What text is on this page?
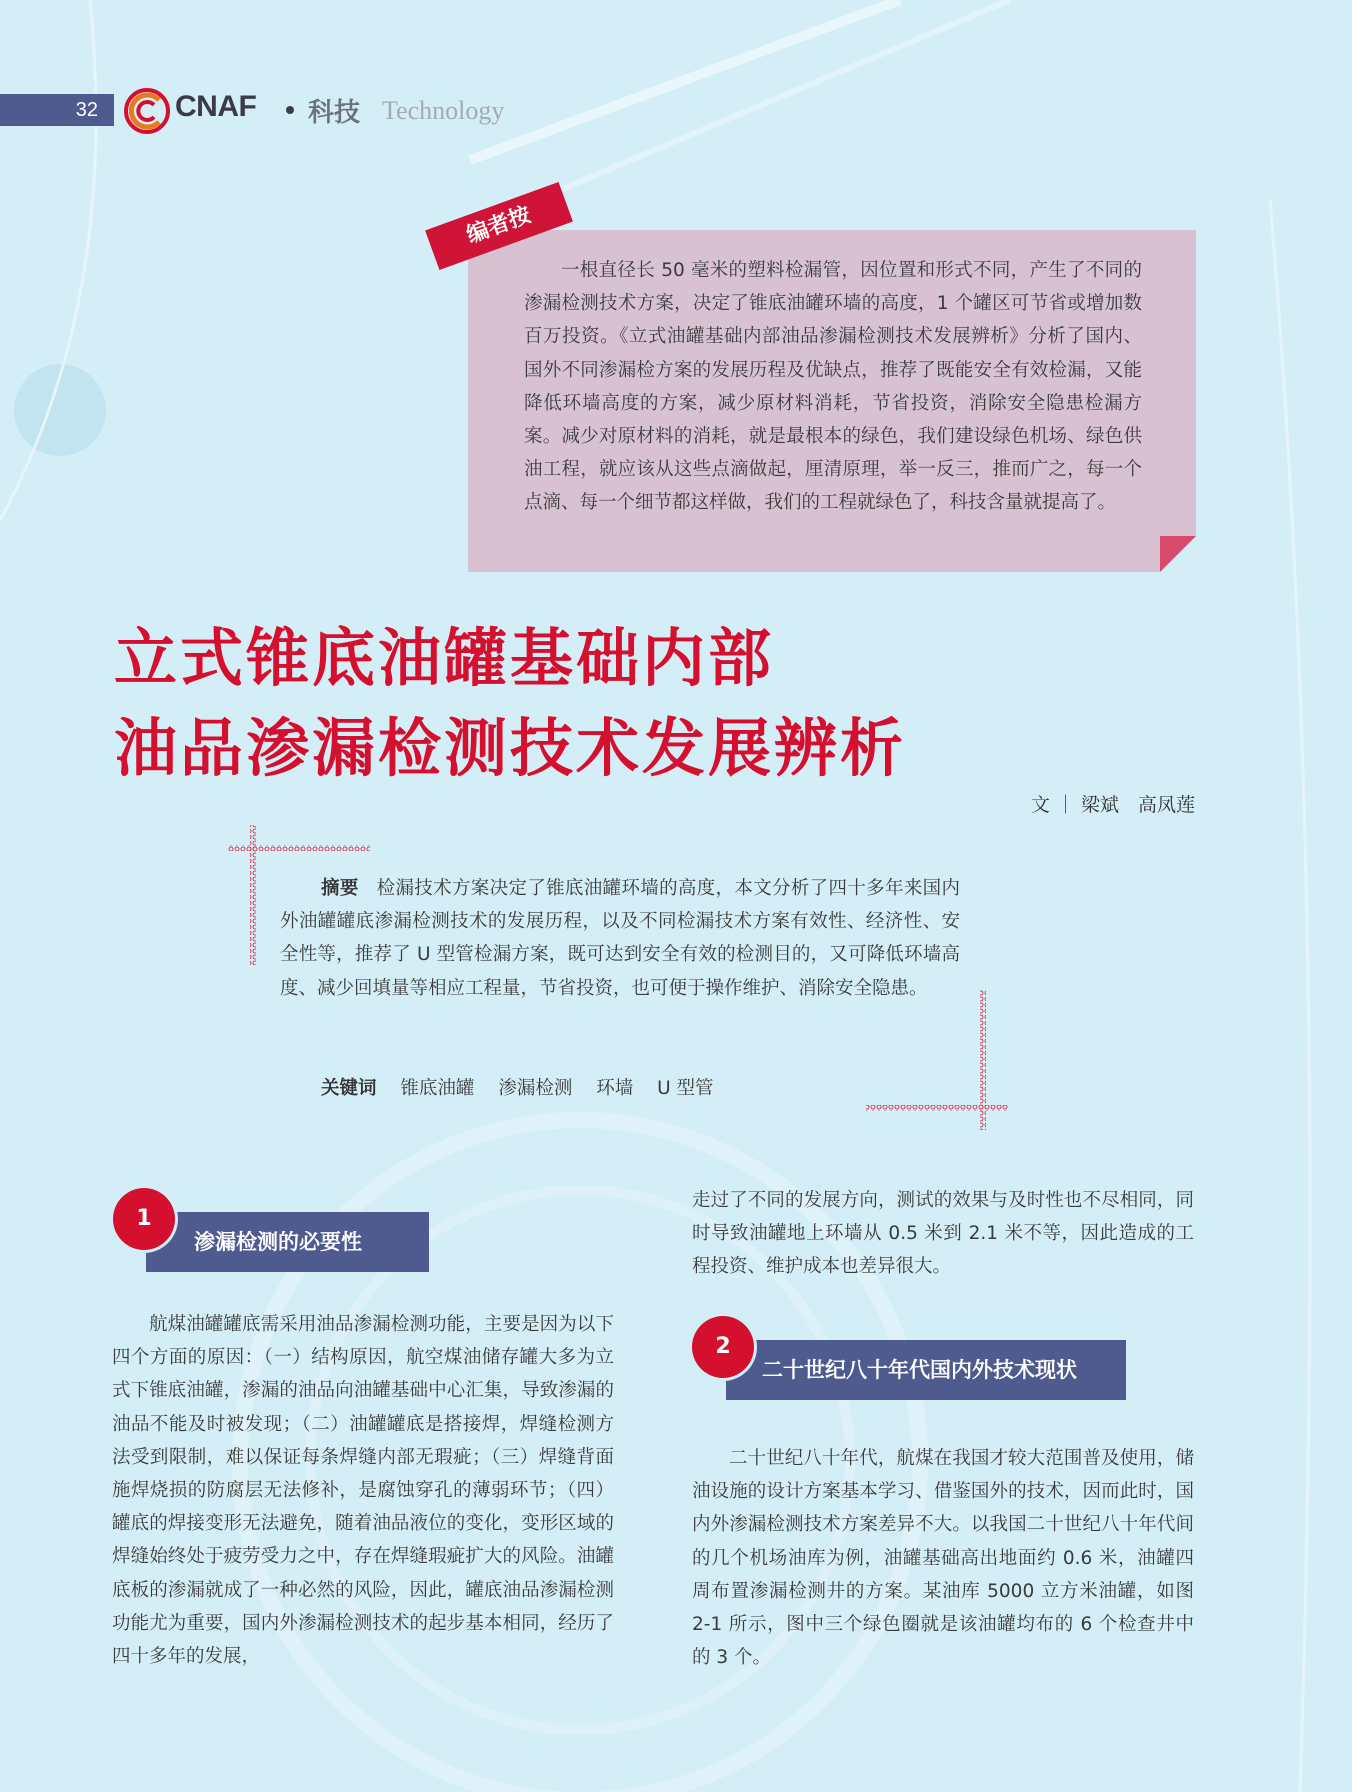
32	CNAF 科技 Technology
编者按
一根直径长 50 毫米的塑料检漏管，因位置和形式不同，产生了不同的渗漏检测技术方案，决定了锥底油罐环墙的高度，1 个罐区可节省或增加数百万投资。《立式油罐基础内部油品渗漏检测技术发展辨析》分析了国内、国外不同渗漏检方案的发展历程及优缺点，推荐了既能安全有效检漏，又能降低环墙高度的方案，减少原材料消耗，节省投资，消除安全隐患检漏方案。减少对原材料的消耗，就是最根本的绿色，我们建设绿色机场、绿色供油工程，就应该从这些点滴做起，厘清原理，举一反三，推而广之，每一个点滴、每一个细节都这样做，我们的工程就绿色了，科技含量就提高了。
立式锥底油罐基础内部
油品渗漏检测技术发展辨析
文 ｜ 梁斌　高凤莲
摘要 检漏技术方案决定了锥底油罐环墙的高度，本文分析了四十多年来国内外油罐罐底渗漏检测技术的发展历程，以及不同检漏技术方案有效性、经济性、安全性等，推荐了 U 型管检漏方案，既可达到安全有效的检测目的，又可降低环墙高度、减少回填量等相应工程量，节省投资，也可便于操作维护、消除安全隐患。
关键词 锥底油罐 渗漏检测 环墙 U 型管
渗漏检测的必要性
1

航煤油罐罐底需采用油品渗漏检测功能，主要是因为以下四个方面的原因：（一）结构原因，航空煤油储存罐大多为立式下锥底油罐，渗漏的油品向油罐基础中心汇集，导致渗漏的油品不能及时被发现；（二）油罐罐底是搭接焊，焊缝检测方法受到限制，难以保证每条焊缝内部无瑕疵；（三）焊缝背面施焊烧损的防腐层无法修补，是腐蚀穿孔的薄弱环节；（四）罐底的焊接变形无法避免，随着油品液位的变化，变形区域的焊缝始终处于疲劳受力之中，存在焊缝瑕疵扩大的风险。油罐底板的渗漏就成了一种必然的风险，因此，罐底油品渗漏检测功能尤为重要，国内外渗漏检测技术的起步基本相同，经历了四十多年的发展，

走过了不同的发展方向，测试的效果与及时性也不尽相同，同时导致油罐地上环墙从 0.5 米到 2.1 米不等，因此造成的工程投资、维护成本也差异很大。

二十世纪八十年代国内外技术现状
2

二十世纪八十年代，航煤在我国才较大范围普及使用，储油设施的设计方案基本学习、借鉴国外的技术，因而此时，国内外渗漏检测技术方案差异不大。以我国二十世纪八十年代间的几个机场油库为例，油罐基础高出地面约 0.6 米，油罐四周布置渗漏检测井的方案。某油库 5000 立方米油罐，如图 2-1 所示，图中三个绿色圈就是该油罐均布的 6 个检查井中的 3 个。
